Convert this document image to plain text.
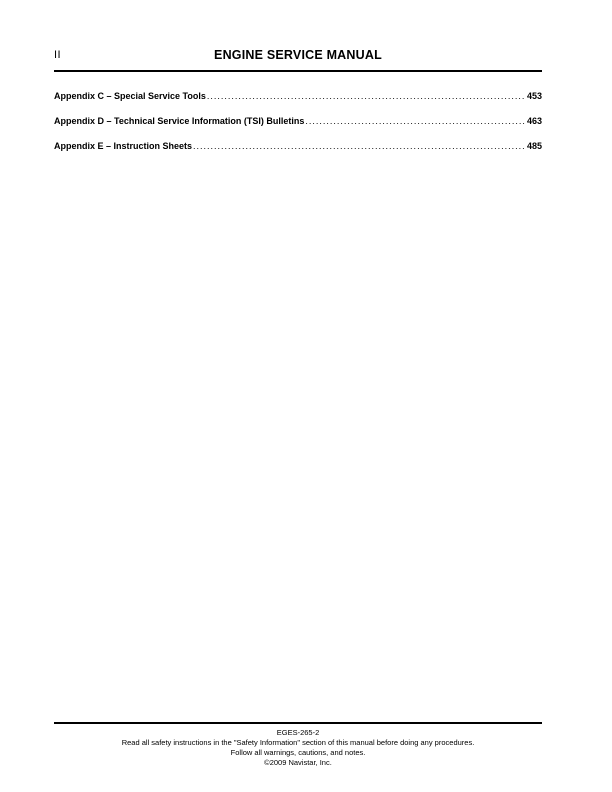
II	ENGINE SERVICE MANUAL
Appendix C – Special Service Tools .....	453
Appendix D – Technical Service Information (TSI) Bulletins .....	463
Appendix E – Instruction Sheets .....	485
EGES-265-2
Read all safety instructions in the "Safety Information" section of this manual before doing any procedures.
Follow all warnings, cautions, and notes.
©2009 Navistar, Inc.
